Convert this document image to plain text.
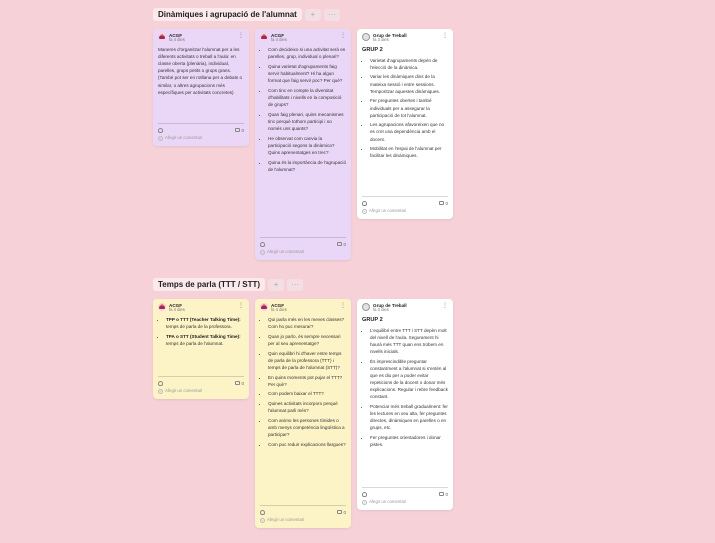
Dinàmiques i agrupació de l'alumnat	+	···
ACGF
fa 4 dies
⋮

Maneres d'organitzar l'alumnat per a les diferents activitats o treball a l'aula: en classe oberta (plenària), individual, parelles, grups petits o grups grans. (També pot ser en rotllana per a debats o similar, o altres agrupacions més específiques per activitats concretes)

0
+ Afegir un comentari
ACGF
fa 4 dies
⋮
• Com decideixo si una activitat serà en parelles, grup, individual o plenari?
• Quina varietat d'agrupaments faig servir habitualment? Hi ha algun format que faig servir poc? Per què?
• Com tinc en compte la diversitat d'habilitats i nivells en la composició de grups?
• Quan faig plenari, quins mecanismes tinc perquè tothom participi i no només uns quants?
• He observat com canvia la participació segons la dinàmica? Quins aprenentatges en trec?
• Quina és la importància de l'agrupació de l'alumnat?
0
+ Afegir un comentari
Grup de Treball
fa 3 dies
⋮
GRUP 2
• Varietat d'agrupaments depèn de l'elecció de la dinàmica.
• Variar les dinàmiques dins de la mateixa sessió i entre sessions. Temporitzar aquestes dinàmiques.
• Fer preguntes obertes i també individuals per a assegurar la participació de tot l'alumnat.
• Les agrupacions afavoreixen que no es creï una dependència amb el docent.
• Mobilitat en l'espai de l'alumnat per facilitar les dinàmiques.
0
+ Afegir un comentari
Temps de parla (TTT / STT)	+	···
ACGF
fa 4 dies
⋮
• TPP o TTT (Teacher Talking Time): temps de parla de la professora.
• TPA o STT (Student Talking Time): temps de parla de l'alumnat.
0
+ Afegir un comentari
ACGF
fa 4 dies
⋮
• Qui parla més en les meves classes? Com ho puc mesurar?
• Quan jo parlo, és sempre necessari per al seu aprenentatge?
• Quin equilibri hi d'haver entre temps de parla de la professora (TTT) i temps de parla de l'alumnat (STT)?
• En quins moments pot pujar el TTT? Per què?
• Com podem baixar el TTT?
• Quines activitats incorporo perquè l'alumnat parli més?
• Com animo les persones tímides o amb menys competència lingüística a participar?
• Com puc reduir explicacions llargues?
0
+ Afegir un comentari
Grup de Treball
fa 3 dies
⋮
GRUP 2
• L'equilibri entre TTT i STT depèn molt del nivell de l'aula. Segurament hi haurà més TTT quan ens trobem en nivells inicials.
• És imprescindible preguntar constantment a l'alumnat si s'entén al que es diu per a poder evitar repeticions de la docent o donar més explicacions. Regular i rebre feedback constant.
• Potenciar més treball gradualment: fer les lectures en veu alta, fer preguntes directes, dinàmiques en parelles o en grups, etc.
• Fer preguntes orientadores i donar pistes.
0
+ Afegir un comentari
